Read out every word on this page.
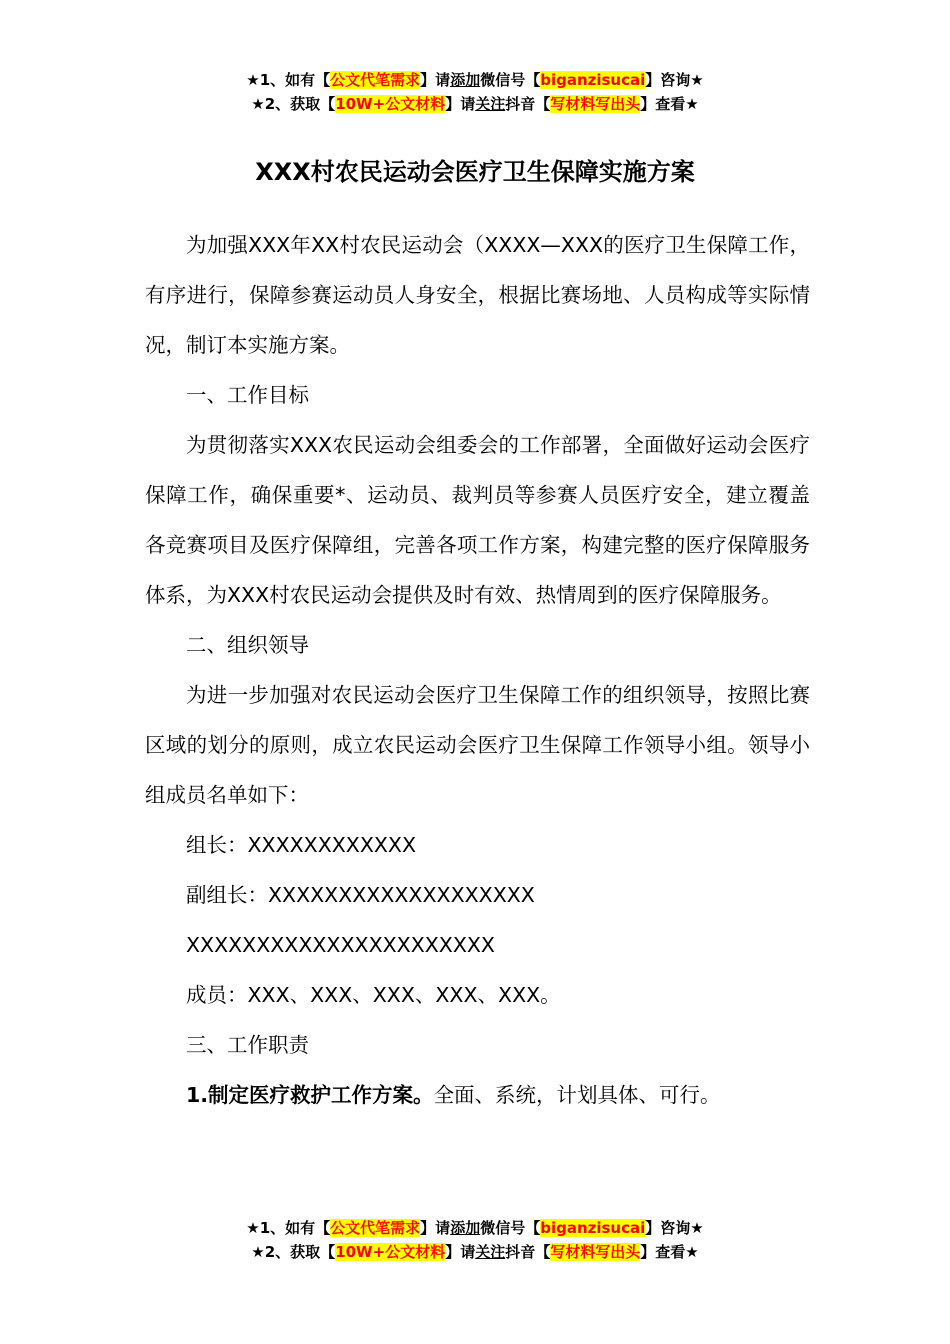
★1、如有【公文代笔需求】请添加微信号【biganzisucai】咨询★
★2、获取【10W+公文材料】请关注抖音【写材料写出头】查看★
XXX村农民运动会医疗卫生保障实施方案

为加强XXX年XX村农民运动会（XXXX—XXX的医疗卫生保障工作，有序进行，保障参赛运动员人身安全，根据比赛场地、人员构成等实际情况，制订本实施方案。

一、工作目标

为贯彻落实XXX农民运动会组委会的工作部署，全面做好运动会医疗保障工作，确保重要*、运动员、裁判员等参赛人员医疗安全，建立覆盖各竞赛项目及医疗保障组，完善各项工作方案，构建完整的医疗保障服务体系，为XXX村农民运动会提供及时有效、热情周到的医疗保障服务。

二、组织领导

为进一步加强对农民运动会医疗卫生保障工作的组织领导，按照比赛区域的划分的原则，成立农民运动会医疗卫生保障工作领导小组。领导小组成员名单如下：

组长：XXXXXXXXXXXX

副组长：XXXXXXXXXXXXXXXXXXX

XXXXXXXXXXXXXXXXXXXXXX

成员：XXX、XXX、XXX、XXX、XXX。

三、工作职责

1.制定医疗救护工作方案。全面、系统，计划具体、可行。

★1、如有【公文代笔需求】请添加微信号【biganzisucai】咨询★
★2、获取【10W+公文材料】请关注抖音【写材料写出头】查看★
